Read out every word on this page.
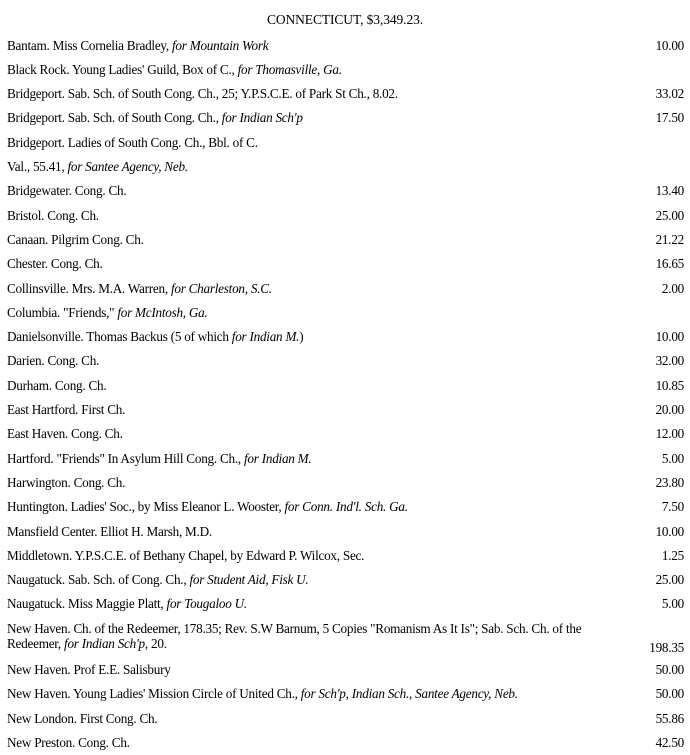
CONNECTICUT, $3,349.23.
Bantam. Miss Cornelia Bradley, for Mountain Work	10.00
Black Rock. Young Ladies' Guild, Box of C., for Thomasville, Ga.
Bridgeport. Sab. Sch. of South Cong. Ch., 25; Y.P.S.C.E. of Park St Ch., 8.02.	33.02
Bridgeport. Sab. Sch. of South Cong. Ch., for Indian Sch'p	17.50
Bridgeport. Ladies of South Cong. Ch., Bbl. of C.
Val., 55.41, for Santee Agency, Neb.
Bridgewater. Cong. Ch.	13.40
Bristol. Cong. Ch.	25.00
Canaan. Pilgrim Cong. Ch.	21.22
Chester. Cong. Ch.	16.65
Collinsville. Mrs. M.A. Warren, for Charleston, S.C.	2.00
Columbia. "Friends," for McIntosh, Ga.
Danielsonville. Thomas Backus (5 of which for Indian M.)	10.00
Darien. Cong. Ch.	32.00
Durham. Cong. Ch.	10.85
East Hartford. First Ch.	20.00
East Haven. Cong. Ch.	12.00
Hartford. "Friends" In Asylum Hill Cong. Ch., for Indian M.	5.00
Harwington. Cong. Ch.	23.80
Huntington. Ladies' Soc., by Miss Eleanor L. Wooster, for Conn. Ind'l. Sch. Ga.	7.50
Mansfield Center. Elliot H. Marsh, M.D.	10.00
Middletown. Y.P.S.C.E. of Bethany Chapel, by Edward P. Wilcox, Sec.	1.25
Naugatuck. Sab. Sch. of Cong. Ch., for Student Aid, Fisk U.	25.00
Naugatuck. Miss Maggie Platt, for Tougaloo U.	5.00
New Haven. Ch. of the Redeemer, 178.35; Rev. S.W Barnum, 5 Copies "Romanism As It Is"; Sab. Sch. Ch. of the Redeemer, for Indian Sch'p, 20.	198.35
New Haven. Prof E.E. Salisbury	50.00
New Haven. Young Ladies' Mission Circle of United Ch., for Sch'p, Indian Sch., Santee Agency, Neb.	50.00
New London. First Cong. Ch.	55.86
New Preston. Cong. Ch.	42.50
